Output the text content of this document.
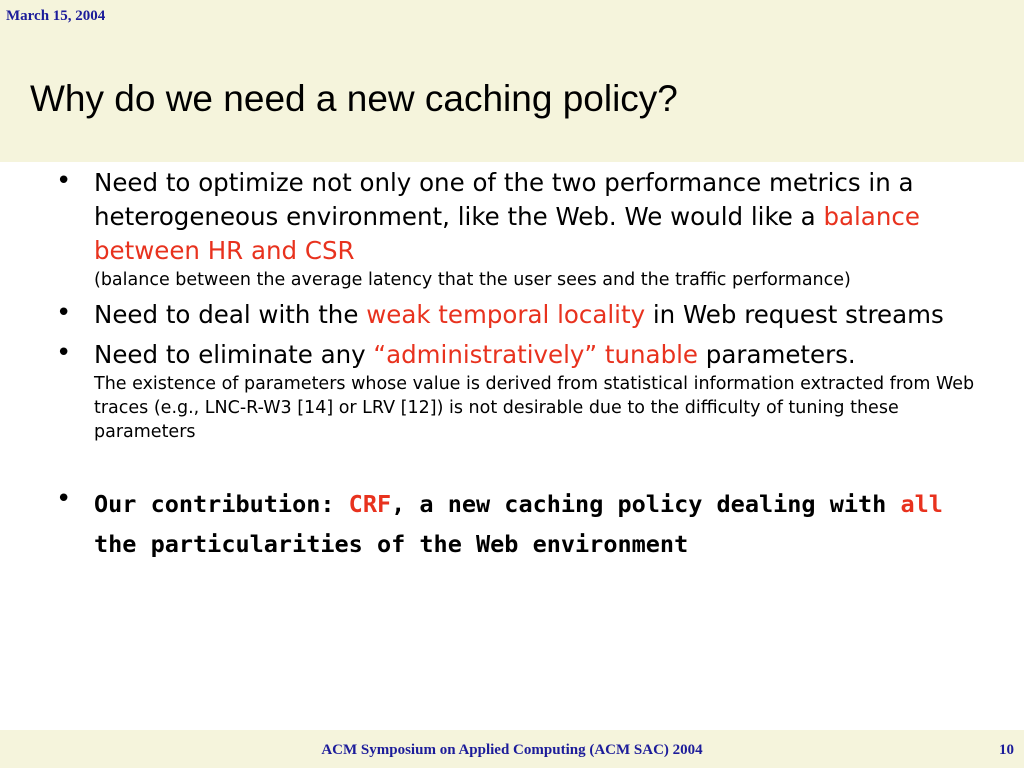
March 15, 2004
Why do we need a new caching policy?
• Need to optimize not only one of the two performance metrics in a heterogeneous environment, like the Web. We would like a balance between HR and CSR
(balance between the average latency that the user sees and the traffic performance)
• Need to deal with the weak temporal locality in Web request streams
• Need to eliminate any “administratively” tunable parameters.
The existence of parameters whose value is derived from statistical information extracted from Web traces (e.g., LNC-R-W3 [14] or LRV [12]) is not desirable due to the difficulty of tuning these parameters
• Our contribution: CRF, a new caching policy dealing with all the particularities of the Web environment
ACM Symposium on Applied Computing (ACM SAC) 2004	10
